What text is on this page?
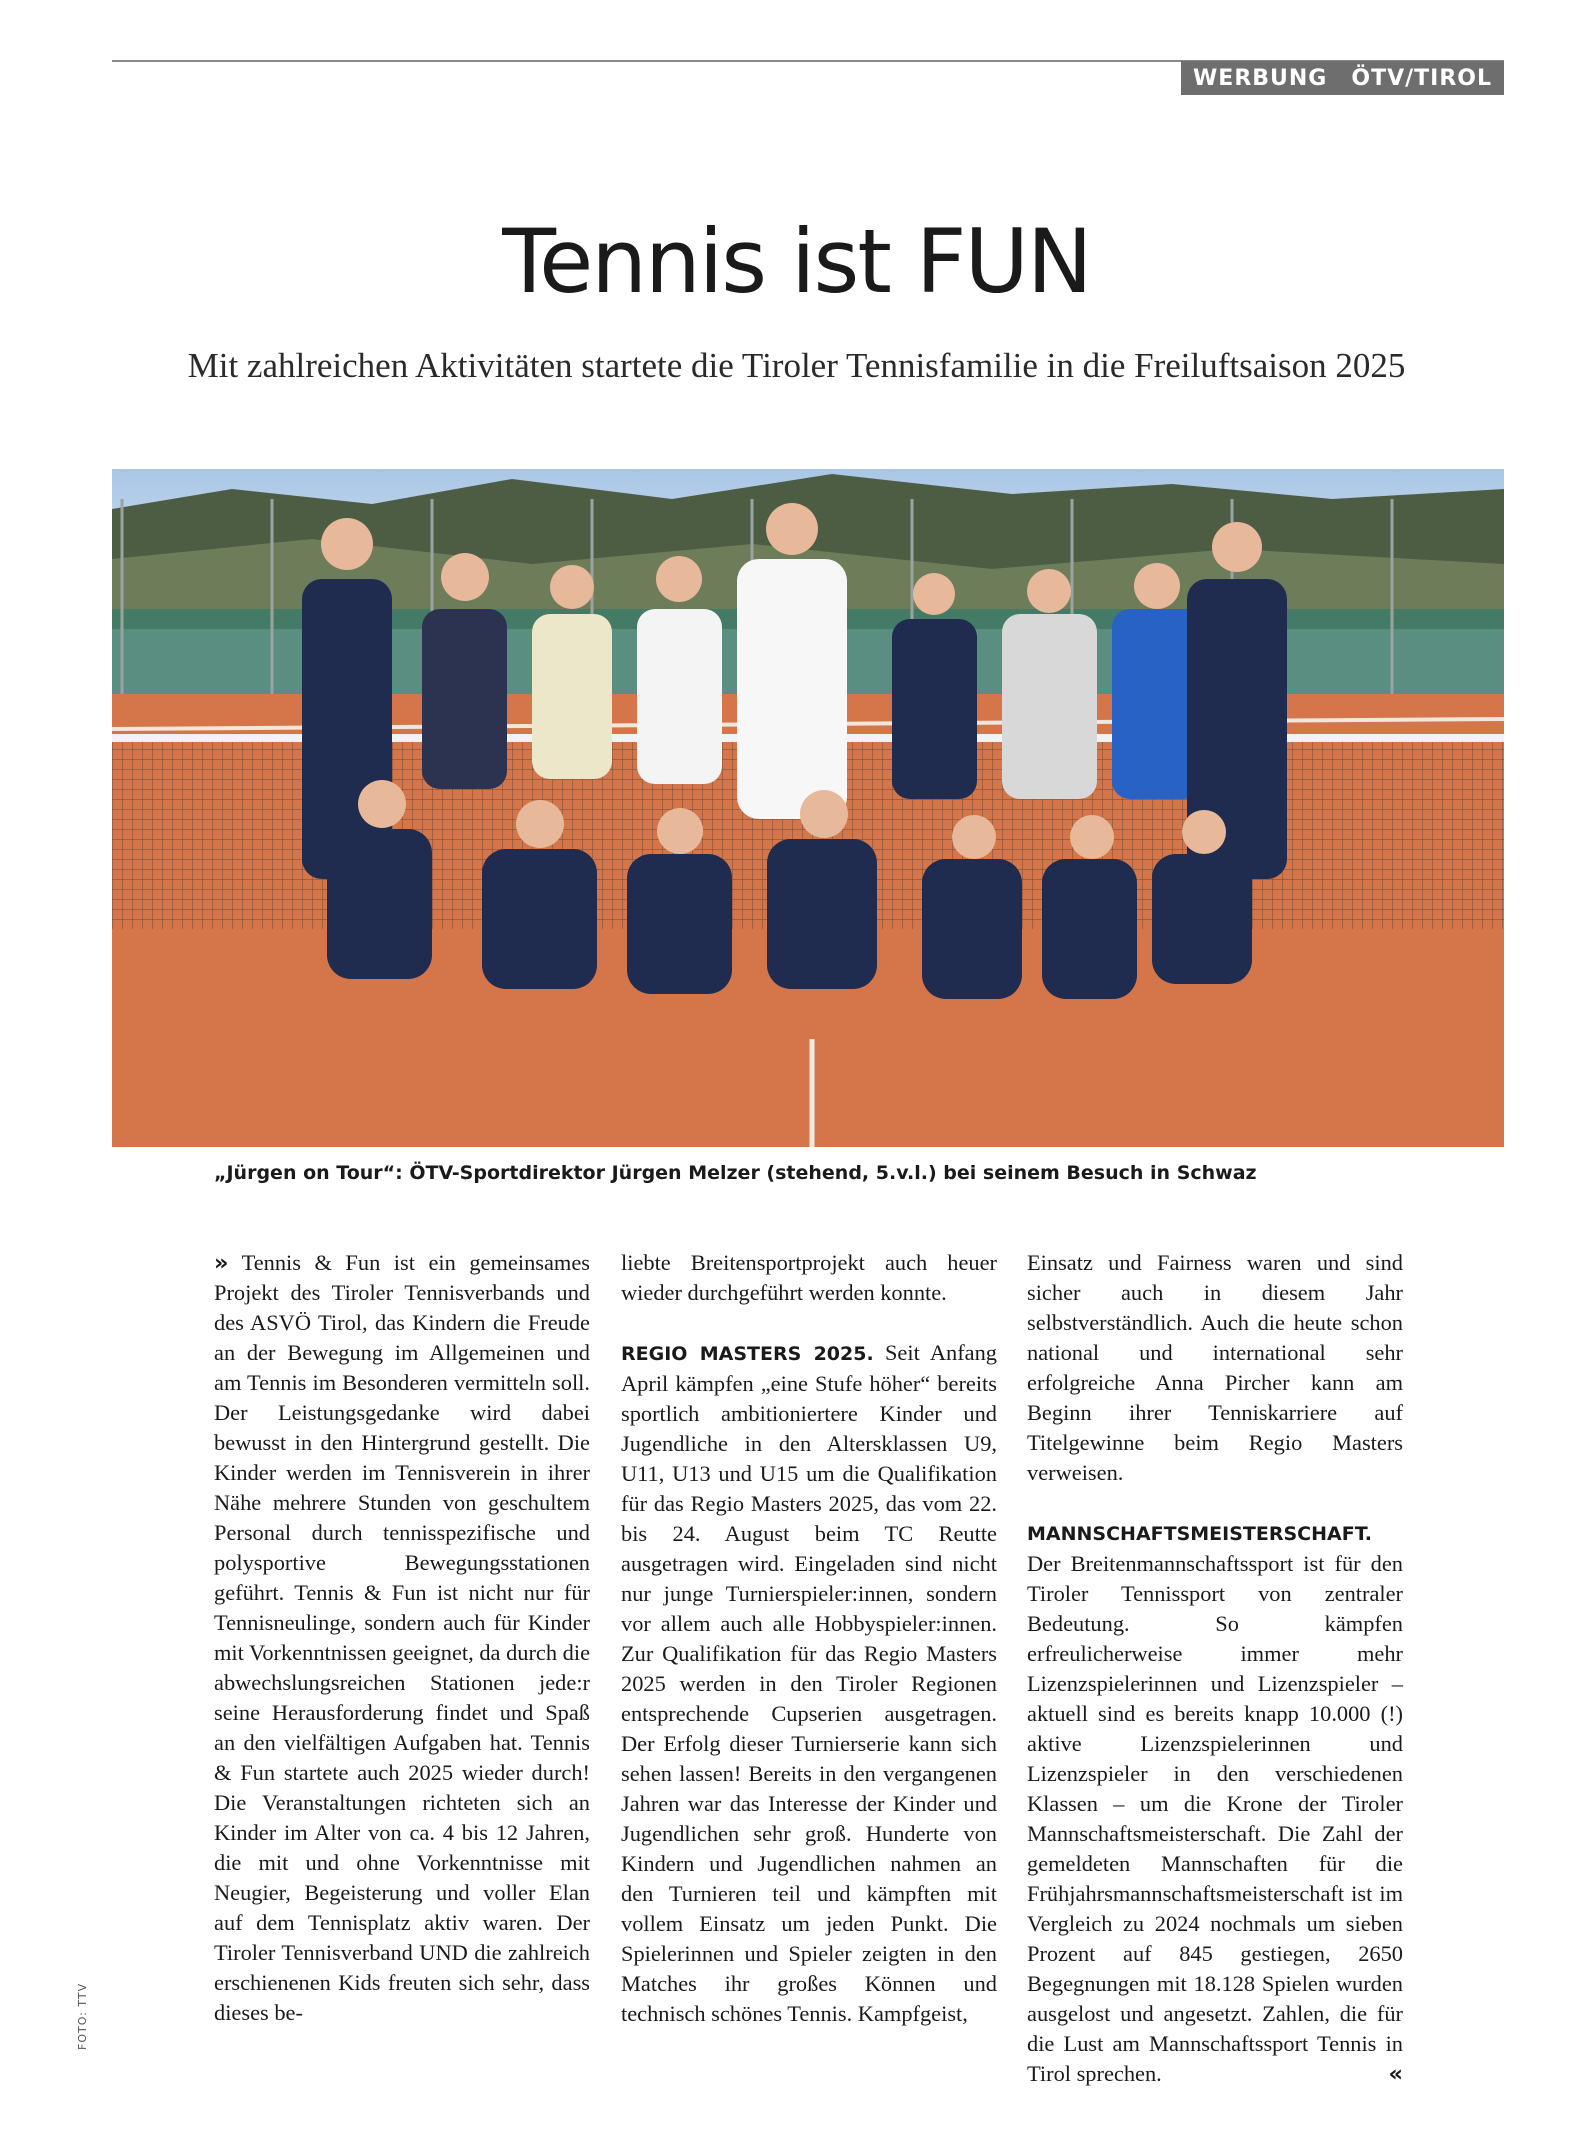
WERBUNG ÖTV/TIROL
Tennis ist FUN
Mit zahlreichen Aktivitäten startete die Tiroler Tennisfamilie in die Freiluftsaison 2025
„Jürgen on Tour“: ÖTV-Sportdirektor Jürgen Melzer (stehend, 5.v.l.) bei seinem Besuch in Schwaz
FOTO: TTV

» Tennis & Fun ist ein gemeinsames Projekt des Tiroler Tennisverbands und des ASVÖ Tirol, das Kindern die Freude an der Bewegung im Allgemeinen und am Tennis im Besonderen vermitteln soll. Der Leistungsgedanke wird dabei bewusst in den Hintergrund gestellt. Die Kinder werden im Tennisverein in ihrer Nähe mehrere Stunden von geschultem Personal durch tennisspezifische und polysportive Bewegungsstationen geführt. Tennis & Fun ist nicht nur für Tennisneulinge, sondern auch für Kinder mit Vorkenntnissen geeignet, da durch die abwechslungsreichen Stationen jede:r seine Herausforderung findet und Spaß an den vielfältigen Aufgaben hat. Tennis & Fun startete auch 2025 wieder durch! Die Veranstaltungen richteten sich an Kinder im Alter von ca. 4 bis 12 Jahren, die mit und ohne Vorkenntnisse mit Neugier, Begeisterung und voller Elan auf dem Tennisplatz aktiv waren. Der Tiroler Tennisverband UND die zahlreich erschienenen Kids freuten sich sehr, dass dieses be-

liebte Breitensportprojekt auch heuer wieder durchgeführt werden konnte.

REGIO MASTERS 2025. Seit Anfang April kämpfen „eine Stufe höher“ bereits sportlich ambitioniertere Kinder und Jugendliche in den Altersklassen U9, U11, U13 und U15 um die Qualifikation für das Regio Masters 2025, das vom 22. bis 24. August beim TC Reutte ausgetragen wird. Eingeladen sind nicht nur junge Turnierspieler:innen, sondern vor allem auch alle Hobbyspieler:innen. Zur Qualifikation für das Regio Masters 2025 werden in den Tiroler Regionen entsprechende Cupserien ausgetragen. Der Erfolg dieser Turnierserie kann sich sehen lassen! Bereits in den vergangenen Jahren war das Interesse der Kinder und Jugendlichen sehr groß. Hunderte von Kindern und Jugendlichen nahmen an den Turnieren teil und kämpften mit vollem Einsatz um jeden Punkt. Die Spielerinnen und Spieler zeigten in den Matches ihr großes Können und technisch schönes Tennis. Kampfgeist,

Einsatz und Fairness waren und sind sicher auch in diesem Jahr selbstverständlich. Auch die heute schon national und international sehr erfolgreiche Anna Pircher kann am Beginn ihrer Tenniskarriere auf Titelgewinne beim Regio Masters verweisen.

MANNSCHAFTSMEISTERSCHAFT. Der Breitenmannschaftssport ist für den Tiroler Tennissport von zentraler Bedeutung. So kämpfen erfreulicherweise immer mehr Lizenzspielerinnen und Lizenzspieler – aktuell sind es bereits knapp 10.000 (!) aktive Lizenzspielerinnen und Lizenzspieler in den verschiedenen Klassen – um die Krone der Tiroler Mannschaftsmeisterschaft. Die Zahl der gemeldeten Mannschaften für die Frühjahrsmannschaftsmeisterschaft ist im Vergleich zu 2024 nochmals um sieben Prozent auf 845 gestiegen, 2650 Begegnungen mit 18.128 Spielen wurden ausgelost und angesetzt. Zahlen, die für die Lust am Mannschaftssport Tennis in Tirol sprechen.	«
